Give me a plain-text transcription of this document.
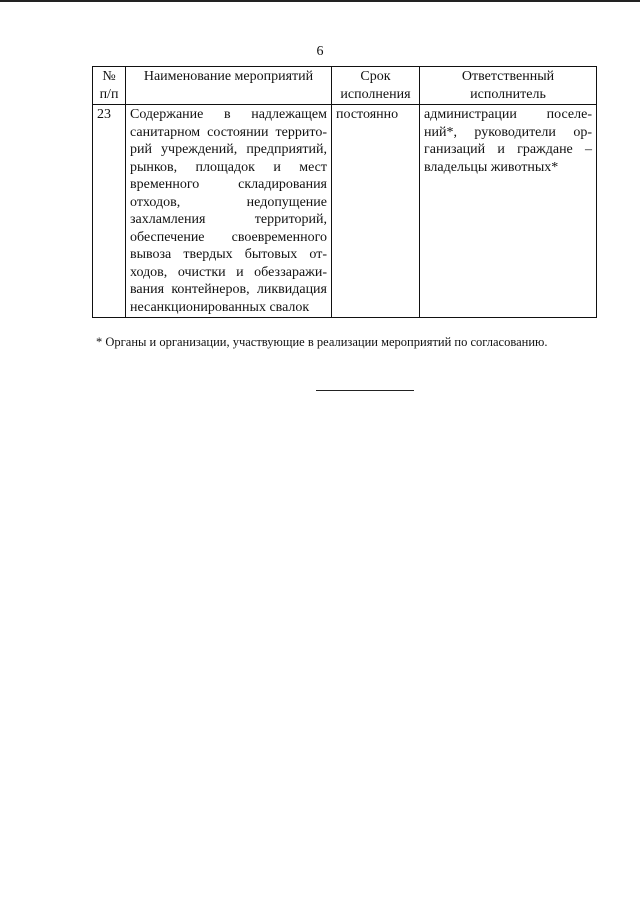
6
№ п/п	Наименование мероприятий	Срок исполнения	Ответственный исполнитель
23	Содержание в надлежащем санитарном состоянии территорий учреждений, предприятий, рынков, площадок и мест временного складирования отходов, недопущение захламления территорий, обеспечение своевременного вывоза твердых бытовых отходов, очистки и обеззараживания контейнеров, ликвидация несанкционированных свалок	постоянно	администрации поселений*, руководители организаций и граждане – владельцы животных*
* Органы и организации, участвующие в реализации мероприятий по согласованию.
